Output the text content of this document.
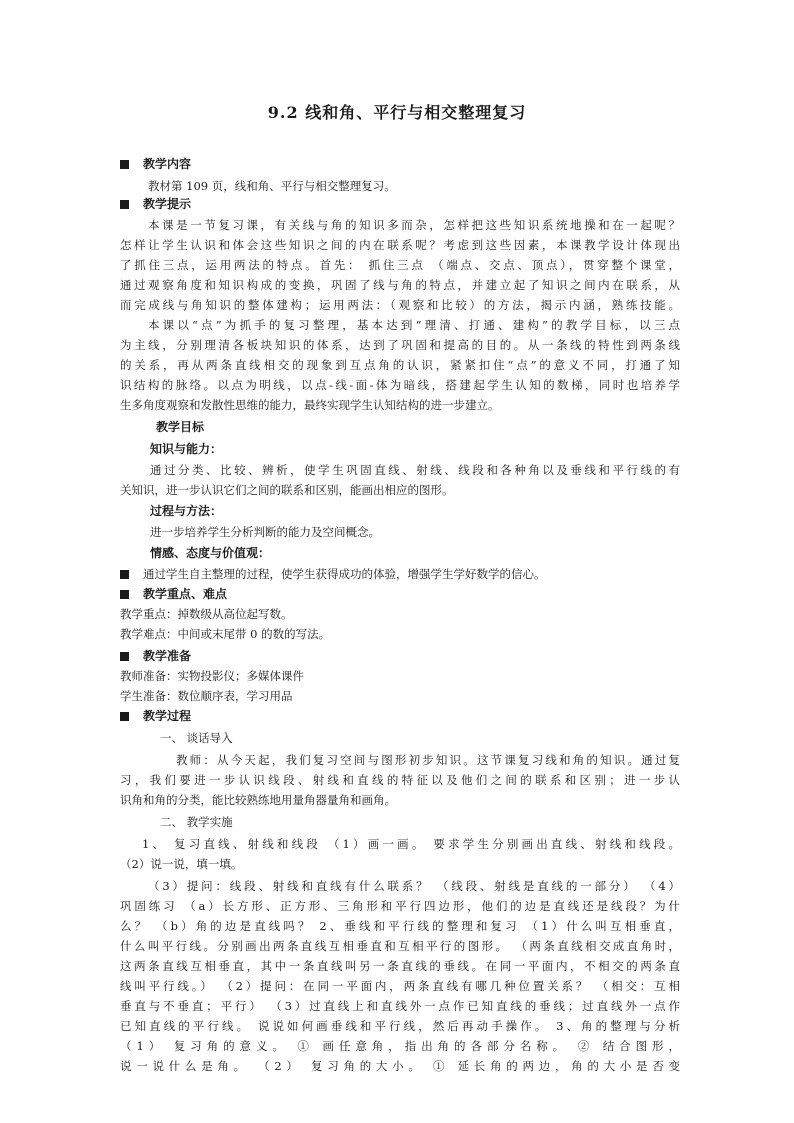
9.2 线和角、平行与相交整理复习
教学内容
教材第 109 页，线和角、平行与相交整理复习。
教学提示
本课是一节复习课，有关线与角的知识多而杂，怎样把这些知识系统地操和在一起呢？
怎样让学生认识和体会这些知识之间的内在联系呢？考虑到这些因素，本课教学设计体现出
了抓住三点，运用两法的特点。首先： 抓住三点 （端点、交点、顶点），贯穿整个课堂，
通过观察角度和知识构成的变换，巩固了线与角的特点，并建立起了知识之间内在联系，从
而完成线与角知识的整体建构；运用两法：（观察和比较）的方法，揭示内涵，熟练技能。
本课以“点”为抓手的复习整理，基本达到“理清、打通、建构”的教学目标，以三点
为主线，分别理清各板块知识的体系，达到了巩固和提高的目的。从一条线的特性到两条线
的关系，再从两条直线相交的现象到互点角的认识，紧紧扣住“点”的意义不同，打通了知
识结构的脉络。以点为明线，以点-线-面-体为暗线，搭建起学生认知的数梯，同时也培养学
生多角度观察和发散性思维的能力，最终实现学生认知结构的进一步建立。
教学目标
知识与能力：
通过分类、比较、辨析，使学生巩固直线、射线、线段和各种角以及垂线和平行线的有
关知识，进一步认识它们之间的联系和区别，能画出相应的图形。
过程与方法：
进一步培养学生分析判断的能力及空间概念。
情感、态度与价值观：
通过学生自主整理的过程，使学生获得成功的体验，增强学生学好数学的信心。
教学重点、难点
教学重点：掉数级从高位起写数。
教学难点：中间或末尾带 0 的数的写法。
教学准备
教师准备：实物投影仪；多媒体课件
学生准备：数位顺序表，学习用品
教学过程
一、 谈话导入
教师：从今天起，我们复习空间与图形初步知识。这节课复习线和角的知识。通过复
习，我们要进一步认识线段、射线和直线的特征以及他们之间的联系和区别；进一步认
识角和角的分类，能比较熟练地用量角器量角和画角。
二、 教学实施
1、 复习直线、射线和线段 （1）画一画。 要求学生分别画出直线、射线和线段。
（2）说一说，填一填。
（3）提问：线段、射线和直线有什么联系？ （线段、射线是直线的一部分） （4）
巩固练习 （a）长方形、正方形、三角形和平行四边形，他们的边是直线还是线段？为什
么？ （b）角的边是直线吗？ 2、垂线和平行线的整理和复习 （1）什么叫互相垂直，
什么叫平行线。分别画出两条直线互相垂直和互相平行的图形。 （两条直线相交成直角时，
这两条直线互相垂直，其中一条直线叫另一条直线的垂线。在同一平面内，不相交的两条直
线叫平行线。） （2）提问：在同一平面内，两条直线有哪几种位置关系？ （相交：互相
垂直与不垂直；平行） （3）过直线上和直线外一点作已知直线的垂线；过直线外一点作
已知直线的平行线。 说说如何画垂线和平行线，然后再动手操作。 3、角的整理与分析
（1） 复习角的意义。 ① 画任意角，指出角的各部分名称。 ② 结合图形，
说一说什么是角。 （2） 复习角的大小。 ① 延长角的两边，角的大小是否变
